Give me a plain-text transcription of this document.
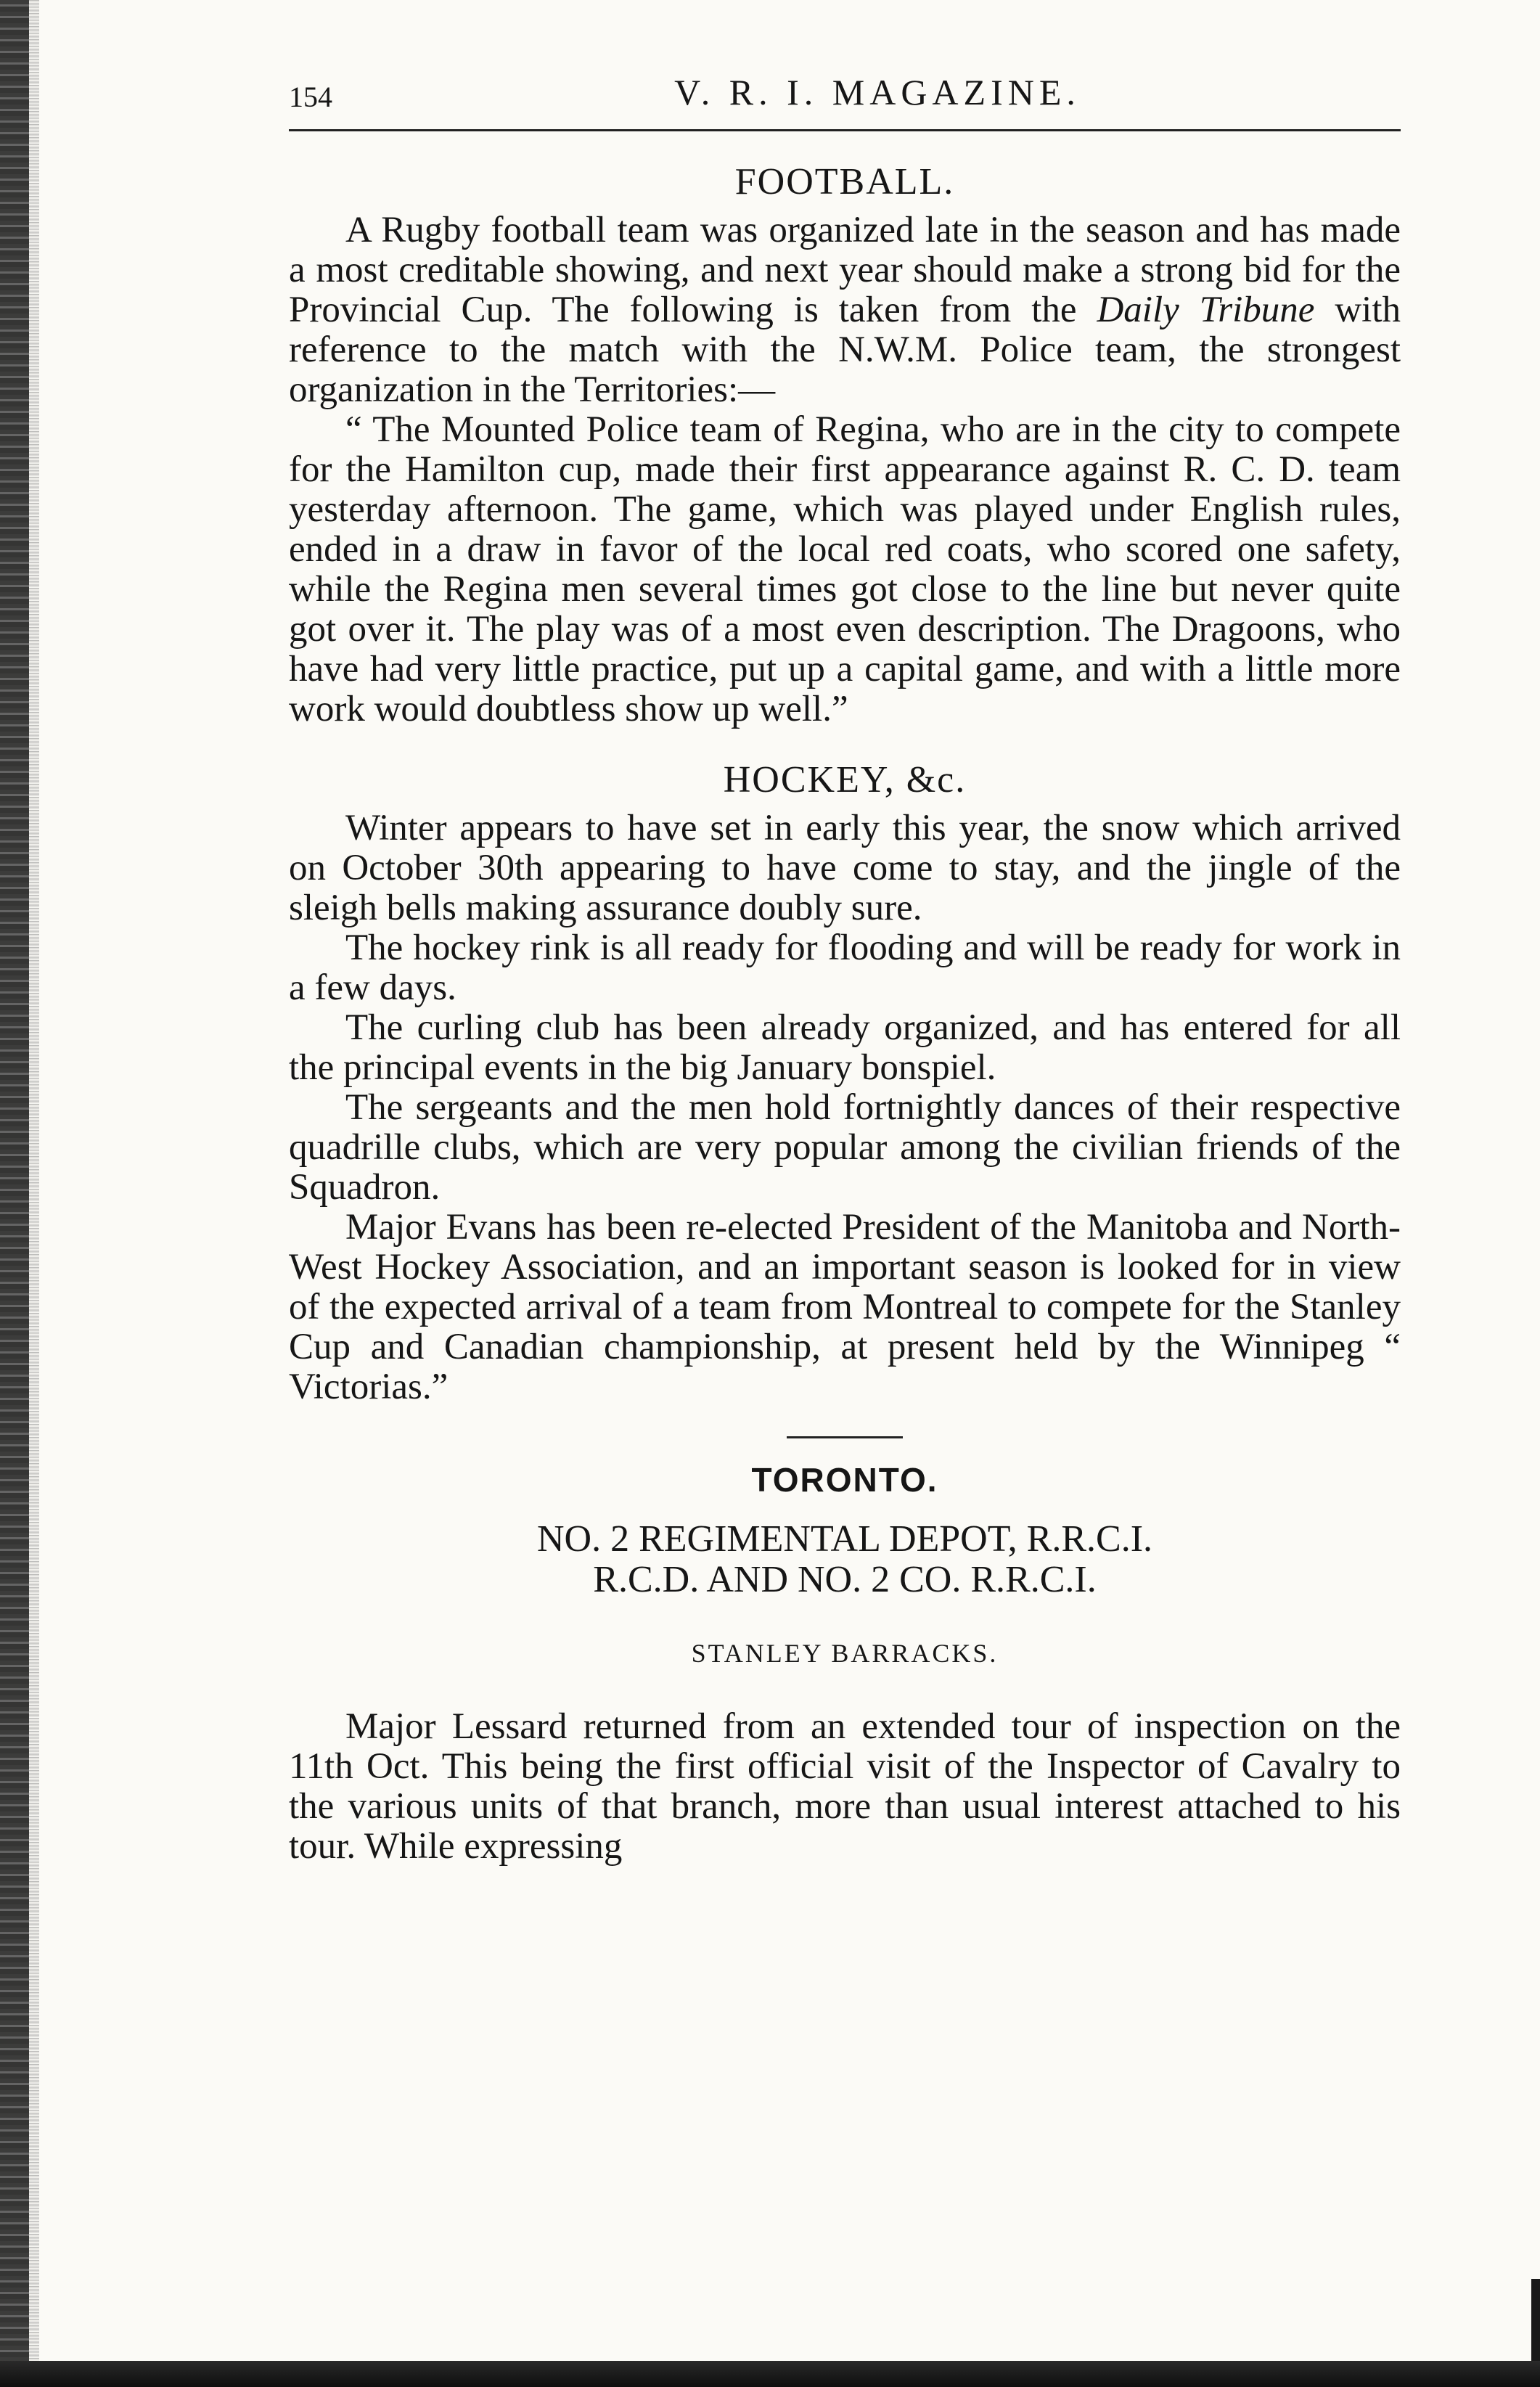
154	V. R. I. MAGAZINE.
FOOTBALL.

A Rugby football team was organized late in the season and has made a most creditable showing, and next year should make a strong bid for the Provincial Cup. The following is taken from the Daily Tribune with reference to the match with the N.W.M. Police team, the strongest organization in the Territories:—

“ The Mounted Police team of Regina, who are in the city to compete for the Hamilton cup, made their first appearance against R. C. D. team yesterday afternoon. The game, which was played under English rules, ended in a draw in favor of the local red coats, who scored one safety, while the Regina men several times got close to the line but never quite got over it. The play was of a most even description. The Dragoons, who have had very little practice, put up a capital game, and with a little more work would doubtless show up well.”

HOCKEY, &c.

Winter appears to have set in early this year, the snow which arrived on October 30th appearing to have come to stay, and the jingle of the sleigh bells making assurance doubly sure.

The hockey rink is all ready for flooding and will be ready for work in a few days.

The curling club has been already organized, and has entered for all the principal events in the big January bonspiel.

The sergeants and the men hold fortnightly dances of their respective quadrille clubs, which are very popular among the civilian friends of the Squadron.

Major Evans has been re-elected President of the Manitoba and North-West Hockey Association, and an important season is looked for in view of the expected arrival of a team from Montreal to compete for the Stanley Cup and Canadian championship, at present held by the Winnipeg “ Victorias.”

TORONTO.

NO. 2 REGIMENTAL DEPOT, R.R.C.I.

R.C.D. AND NO. 2 CO. R.R.C.I.

STANLEY BARRACKS.

Major Lessard returned from an extended tour of inspection on the 11th Oct. This being the first official visit of the Inspector of Cavalry to the various units of that branch, more than usual interest attached to his tour. While expressing
